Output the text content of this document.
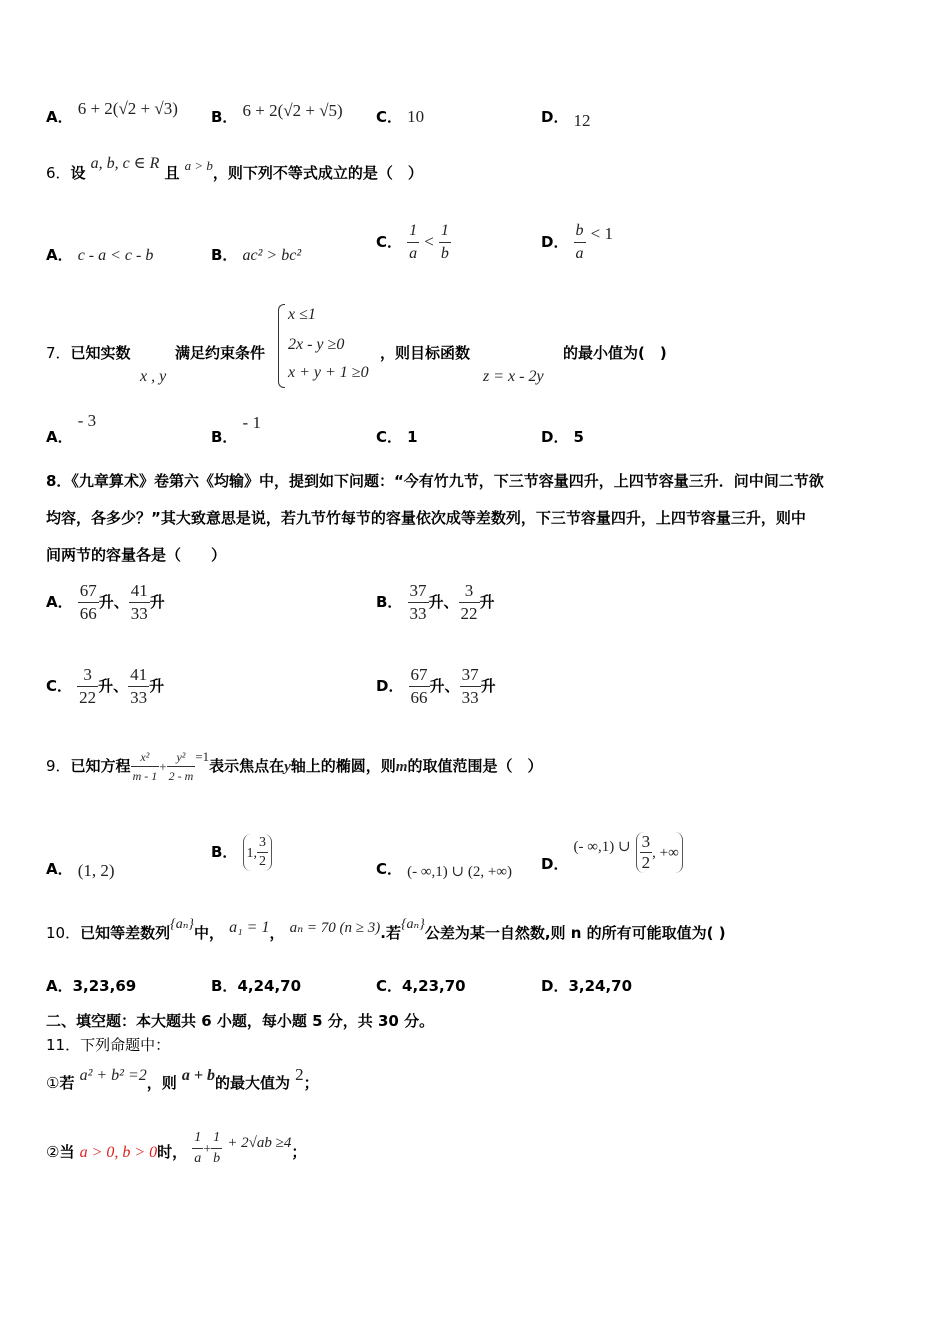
A． 6 + 2(√2 + √3) B． 6 + 2(√2 + √5) C． 10	D． 12
6．设 a, b, c ∈ R 且 $^{a > b}$，则下列不等式成立的是（　）
A． c - a < c - b	B． ac² > bc²
C． $\frac{1}{a} < \frac{1}{b}$	D． $\frac{b}{a} < 1$
7．已知实数
x , y
满足约束条件
x ≤1
2x - y ≥0
x + y + 1 ≥0
，则目标函数
z = x - 2y
的最小值为(　)
A． - 3
B． - 1
C． 1	D． 5
8．《九章算术》卷第六《均输》中，提到如下问题：“今有竹九节，下三节容量四升，上四节容量三升．问中间二节欲
均容，各多少？”其大致意思是说，若九节竹每节的容量依次成等差数列，下三节容量四升，上四节容量三升，则中
间两节的容量各是（　　）
A． $\frac{67}{66}$ 升、 $\frac{41}{33}$ 升	B． $\frac{37}{33}$ 升、 $\frac{3}{22}$ 升
C． $\frac{3}{22}$ 升、 $\frac{41}{33}$ 升	D． $\frac{67}{66}$ 升、 $\frac{37}{33}$ 升
9．已知方程 $\frac{\text{x²}}{m - 1} + \frac{\text{y²}}{2 - m} ^{=1}$表示焦点在y轴上的椭圆，则m的取值范围是（　）
A． (1, 2)
B． 1, $\frac{3}{2}$	C． (- ∞,1) ∪ (2, +∞) D． (- ∞,1) ∪ $\frac{3}{2}$ , +∞
10．已知等差数列{aₙ}中， a₁ = 1， aₙ = 70 (n ≥ 3).若{aₙ}公差为某一自然数,则 n 的所有可能取值为( )
A．3,23,69	B．4,24,70	C．4,23,70	D．3,24,70
二、填空题：本大题共 6 小题，每小题 5 分，共 30 分。
11．下列命题中：
①若 a² + b² =2，则 a + b的最大值为 2；
②当 a > 0, b > 0时， $\frac{1}{a} + \frac{1}{b} + 2√ab \ge 4$；
